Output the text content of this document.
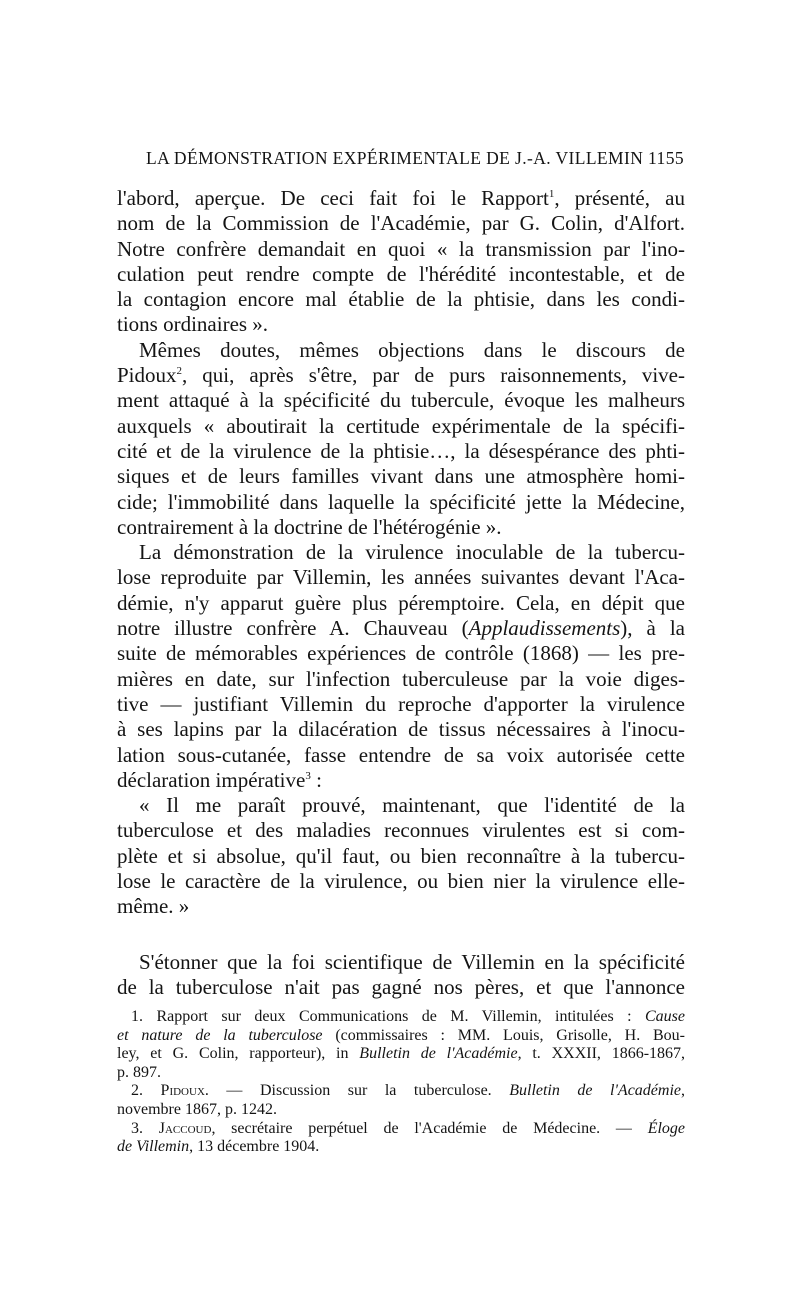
LA DÉMONSTRATION EXPÉRIMENTALE DE J.-A. VILLEMIN 1155
l'abord, aperçue. De ceci fait foi le Rapport$^1$, présenté, au
nom de la Commission de l'Académie, par G. Colin, d'Alfort.
Notre confrère demandait en quoi « la transmission par l'ino-
culation peut rendre compte de l'hérédité incontestable, et de
la contagion encore mal établie de la phtisie, dans les condi-
tions ordinaires ».
Mêmes doutes, mêmes objections dans le discours de
Pidoux$^2$, qui, après s'être, par de purs raisonnements, vive-
ment attaqué à la spécificité du tubercule, évoque les malheurs
auxquels « aboutirait la certitude expérimentale de la spécifi-
cité et de la virulence de la phtisie…, la désespérance des phti-
siques et de leurs familles vivant dans une atmosphère homi-
cide; l'immobilité dans laquelle la spécificité jette la Médecine,
contrairement à la doctrine de l'hétérogénie ».
La démonstration de la virulence inoculable de la tubercu-
lose reproduite par Villemin, les années suivantes devant l'Aca-
démie, n'y apparut guère plus péremptoire. Cela, en dépit que
notre illustre confrère A. Chauveau (Applaudissements), à la
suite de mémorables expériences de contrôle (1868) — les pre-
mières en date, sur l'infection tuberculeuse par la voie diges-
tive — justifiant Villemin du reproche d'apporter la virulence
à ses lapins par la dilacération de tissus nécessaires à l'inocu-
lation sous-cutanée, fasse entendre de sa voix autorisée cette
déclaration impérative$^3$ :
« Il me paraît prouvé, maintenant, que l'identité de la
tuberculose et des maladies reconnues virulentes est si com-
plète et si absolue, qu'il faut, ou bien reconnaître à la tubercu-
lose le caractère de la virulence, ou bien nier la virulence elle-
même. »
S'étonner que la foi scientifique de Villemin en la spécificité
de la tuberculose n'ait pas gagné nos pères, et que l'annonce
1. Rapport sur deux Communications de M. Villemin, intitulées : Cause
et nature de la tuberculose (commissaires : MM. Louis, Grisolle, H. Bou-
ley, et G. Colin, rapporteur), in Bulletin de l'Académie, t. XXXII, 1866-1867,
p. 897.
2. Pidoux. — Discussion sur la tuberculose. Bulletin de l'Académie,
novembre 1867, p. 1242.
3. Jaccoud, secrétaire perpétuel de l'Académie de Médecine. — Éloge
de Villemin, 13 décembre 1904.
